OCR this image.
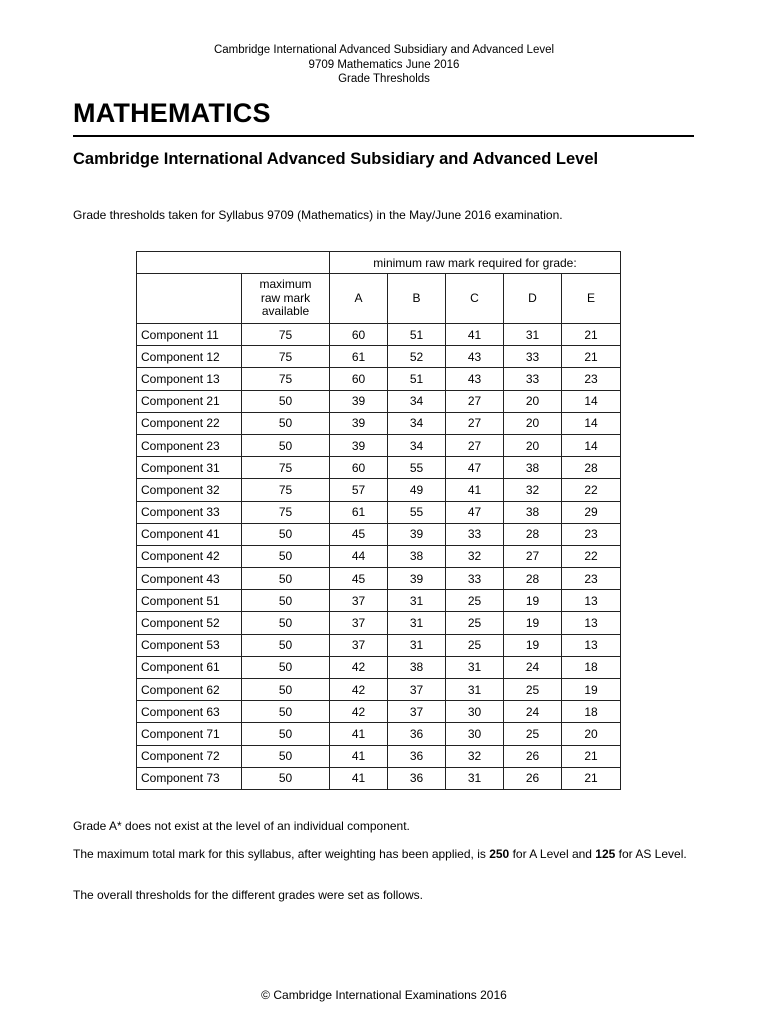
Cambridge International Advanced Subsidiary and Advanced Level
9709 Mathematics June 2016
Grade Thresholds
MATHEMATICS
Cambridge International Advanced Subsidiary and Advanced Level
Grade thresholds taken for Syllabus 9709 (Mathematics) in the May/June 2016 examination.
		minimum raw mark required for grade:				

	maximum raw mark available	A	B	C	D	E
Component 11	75	60	51	41	31	21
Component 12	75	61	52	43	33	21
Component 13	75	60	51	43	33	23
Component 21	50	39	34	27	20	14
Component 22	50	39	34	27	20	14
Component 23	50	39	34	27	20	14
Component 31	75	60	55	47	38	28
Component 32	75	57	49	41	32	22
Component 33	75	61	55	47	38	29
Component 41	50	45	39	33	28	23
Component 42	50	44	38	32	27	22
Component 43	50	45	39	33	28	23
Component 51	50	37	31	25	19	13
Component 52	50	37	31	25	19	13
Component 53	50	37	31	25	19	13
Component 61	50	42	38	31	24	18
Component 62	50	42	37	31	25	19
Component 63	50	42	37	30	24	18
Component 71	50	41	36	30	25	20
Component 72	50	41	36	32	26	21
Component 73	50	41	36	31	26	21
Grade A* does not exist at the level of an individual component.
The maximum total mark for this syllabus, after weighting has been applied, is 250 for A Level and 125 for AS Level.
The overall thresholds for the different grades were set as follows.
© Cambridge International Examinations 2016
